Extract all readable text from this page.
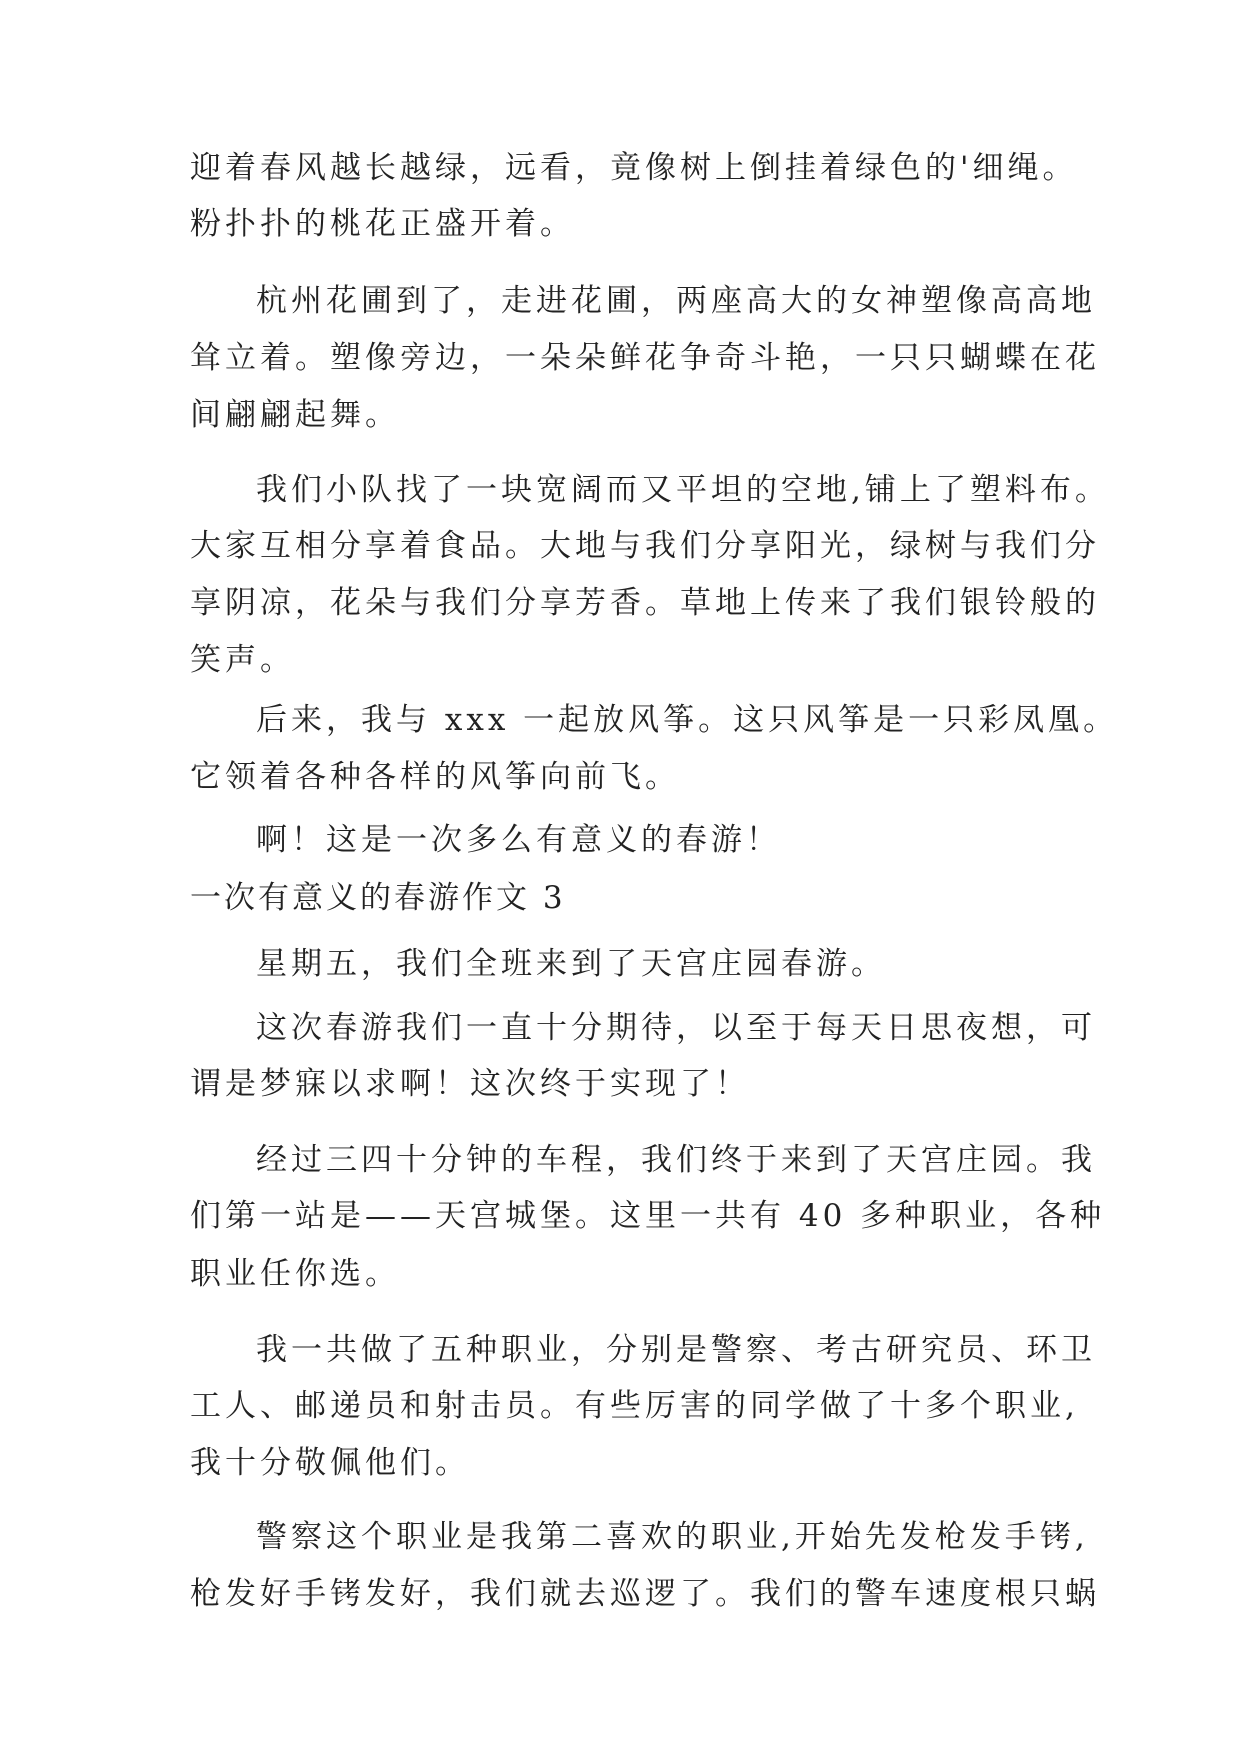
迎着春风越长越绿，远看，竟像树上倒挂着绿色的'细绳。

粉扑扑的桃花正盛开着。

杭州花圃到了，走进花圃，两座高大的女神塑像高高地

耸立着。塑像旁边，一朵朵鲜花争奇斗艳，一只只蝴蝶在花

间翩翩起舞。

我们小队找了一块宽阔而又平坦的空地,铺上了塑料布。

大家互相分享着食品。大地与我们分享阳光，绿树与我们分

享阴凉，花朵与我们分享芳香。草地上传来了我们银铃般的

笑声。

后来，我与 xxx 一起放风筝。这只风筝是一只彩凤凰。

它领着各种各样的风筝向前飞。

啊！这是一次多么有意义的春游！

一次有意义的春游作文 3

星期五，我们全班来到了天宫庄园春游。

这次春游我们一直十分期待，以至于每天日思夜想，可

谓是梦寐以求啊！这次终于实现了！

经过三四十分钟的车程，我们终于来到了天宫庄园。我

们第一站是——天宫城堡。这里一共有 40 多种职业，各种

职业任你选。

我一共做了五种职业，分别是警察、考古研究员、环卫

工人、邮递员和射击员。有些厉害的同学做了十多个职业,

我十分敬佩他们。

警察这个职业是我第二喜欢的职业,开始先发枪发手铐,

枪发好手铐发好，我们就去巡逻了。我们的警车速度根只蜗
